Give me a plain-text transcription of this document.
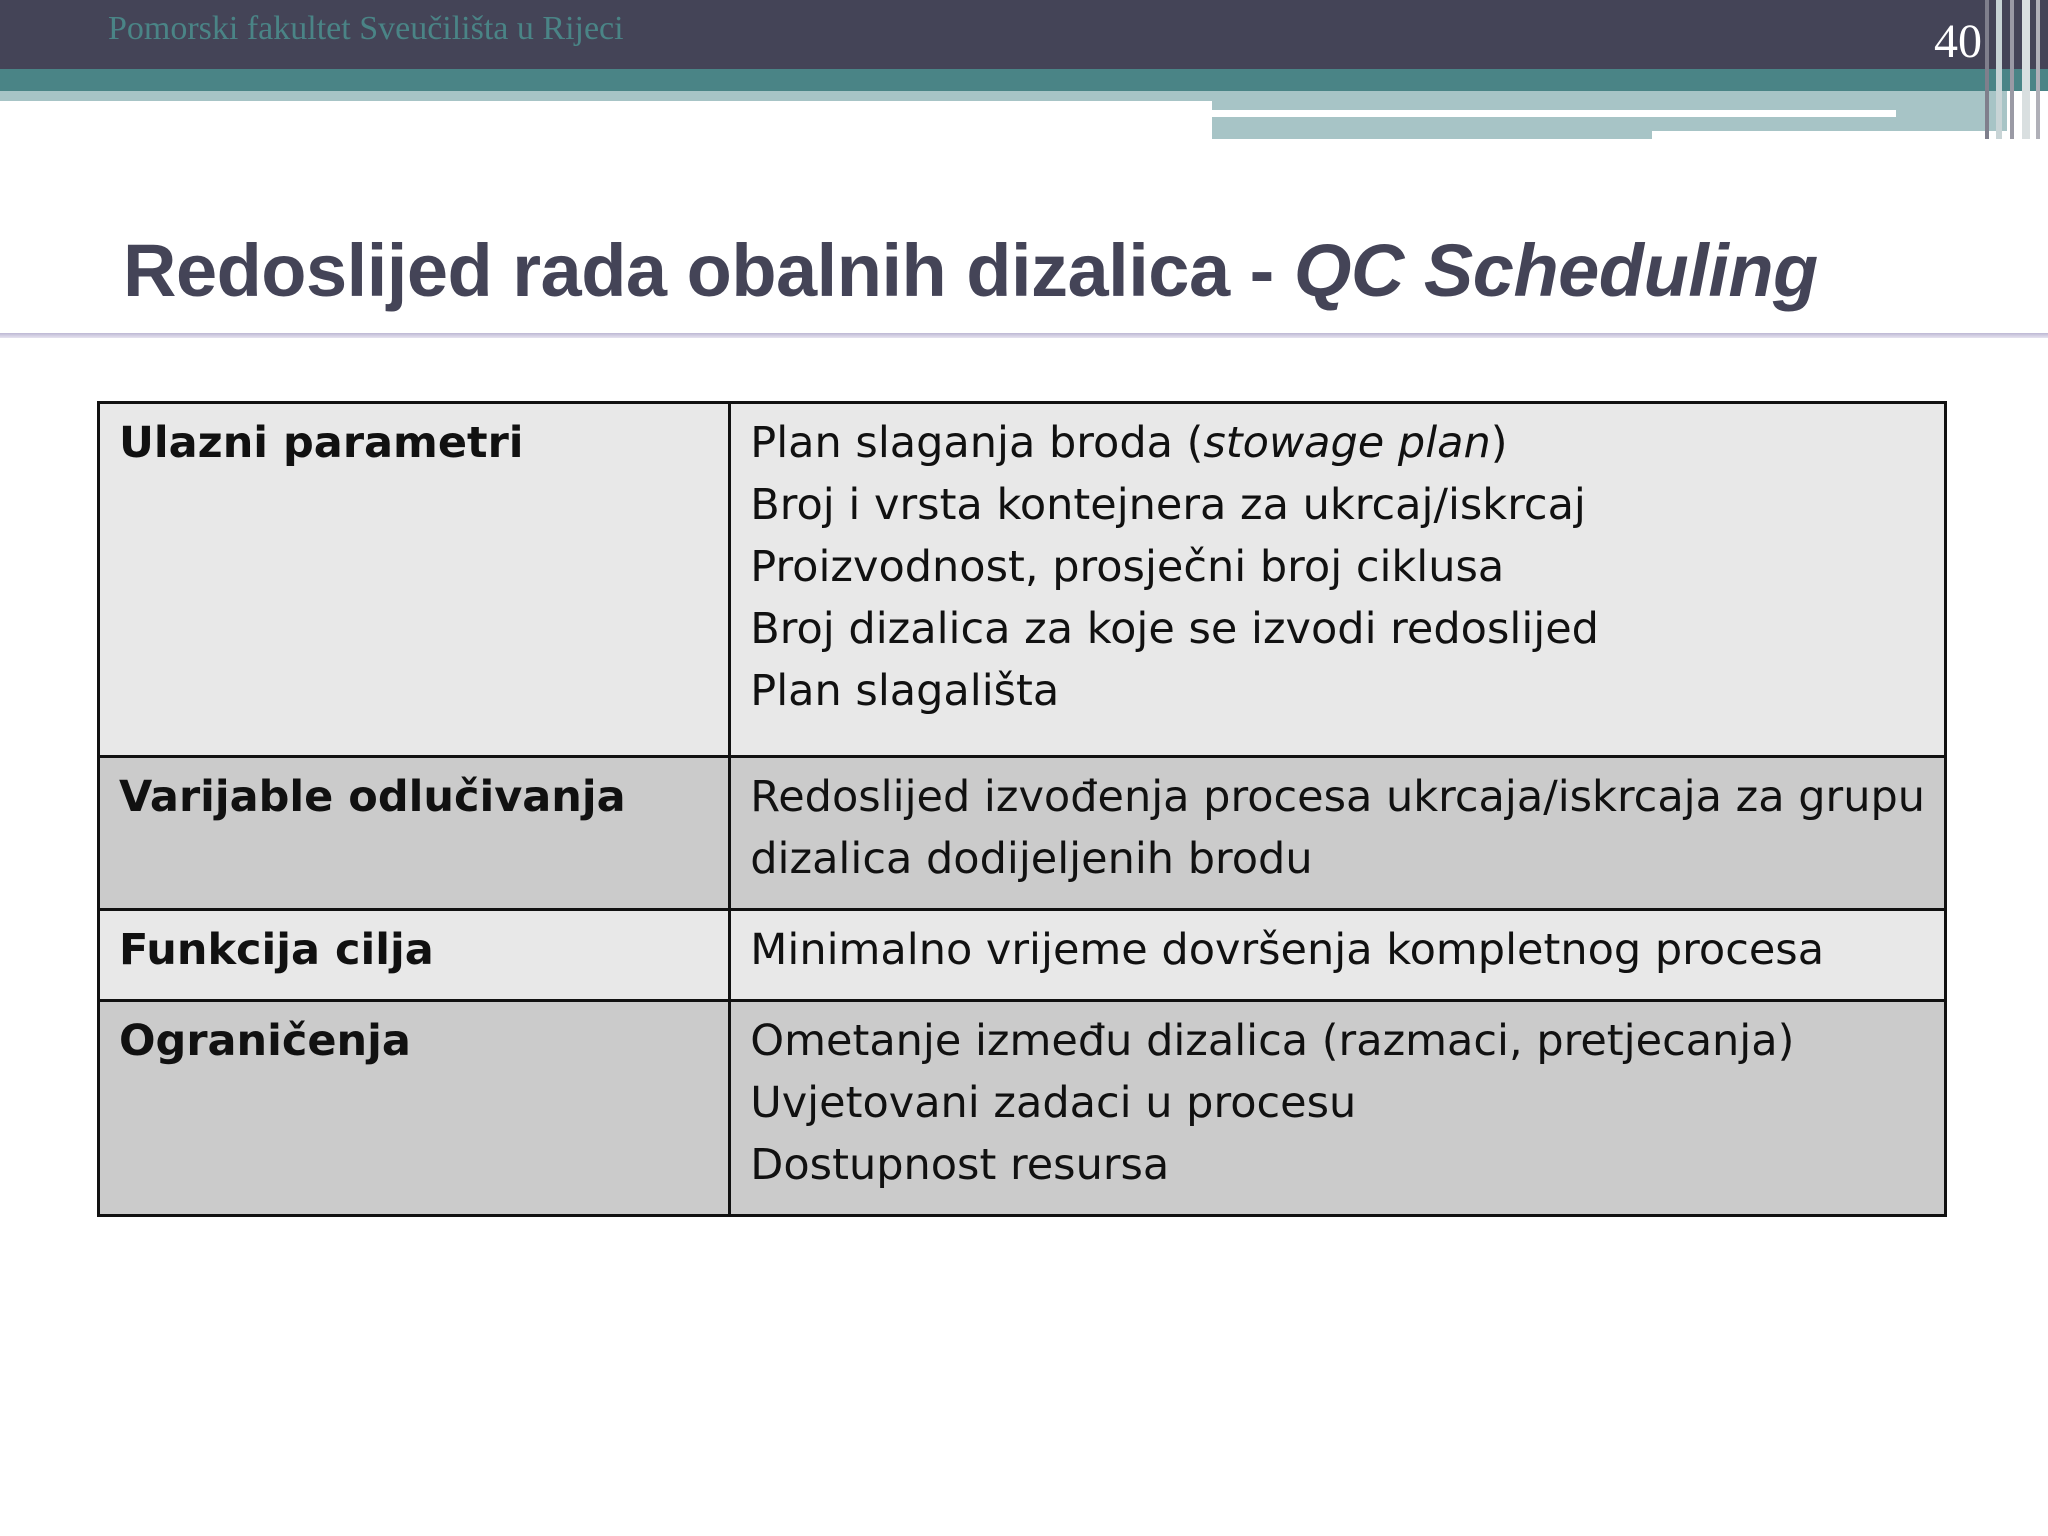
Pomorski fakultet Sveučilišta u Rijeci	40
Redoslijed rada obalnih dizalica - QC Scheduling
Ulazni parametri	Plan slaganja broda (stowage plan)
Broj i vrsta kontejnera za ukrcaj/iskrcaj
Proizvodnost, prosječni broj ciklusa
Broj dizalica za koje se izvodi redoslijed
Plan slagališta

Varijable odlučivanja	Redoslijed izvođenja procesa ukrcaja/iskrcaja za grupu
dizalica dodijeljenih brodu

Funkcija cilja	Minimalno vrijeme dovršenja kompletnog procesa

Ograničenja	Ometanje između dizalica (razmaci, pretjecanja)
Uvjetovani zadaci u procesu
Dostupnost resursa
